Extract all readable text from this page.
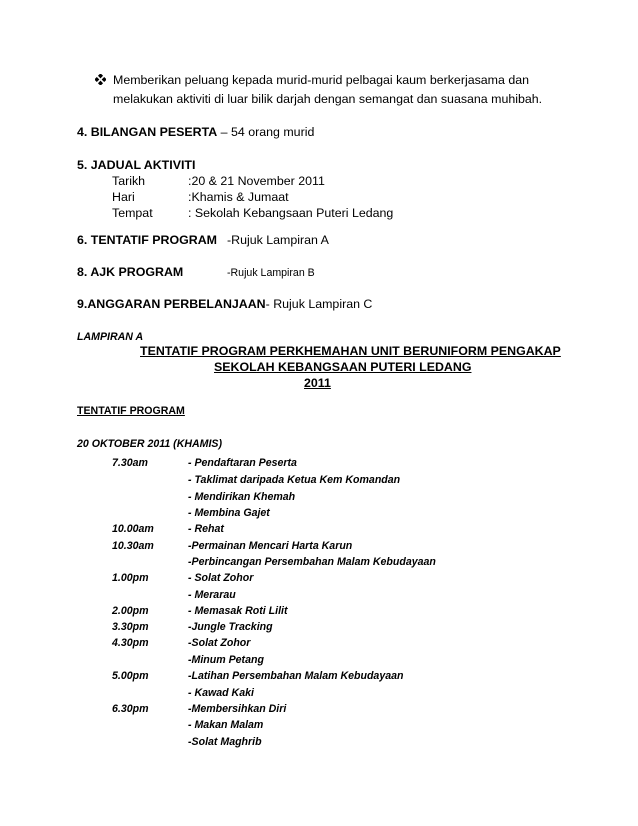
Memberikan peluang kepada murid-murid pelbagai kaum berkerjasama dan
melakukan aktiviti di luar bilik darjah dengan semangat dan suasana muhibah.
4. BILANGAN PESERTA – 54 orang murid
5. JADUAL AKTIVITI
Tarikh	:20 & 21 November 2011
Hari	:Khamis & Jumaat
Tempat	: Sekolah Kebangsaan Puteri Ledang
6. TENTATIF PROGRAM -Rujuk Lampiran A
8. AJK PROGRAM	-Rujuk Lampiran B
9.ANGGARAN PERBELANJAAN- Rujuk Lampiran C
LAMPIRAN A
TENTATIF PROGRAM PERKHEMAHAN UNIT BERUNIFORM PENGAKAP
SEKOLAH KEBANGSAAN PUTERI LEDANG
2011
TENTATIF PROGRAM
20 OKTOBER 2011 (KHAMIS)
7.30am	- Pendaftaran Peserta
- Taklimat daripada Ketua Kem Komandan
- Mendirikan Khemah
- Membina Gajet
10.00am	- Rehat
10.30am	-Permainan Mencari Harta Karun
-Perbincangan Persembahan Malam Kebudayaan
1.00pm	- Solat Zohor
- Merarau
2.00pm	- Memasak Roti Lilit
3.30pm	-Jungle Tracking
4.30pm	-Solat Zohor
-Minum Petang
5.00pm	-Latihan Persembahan Malam Kebudayaan
- Kawad Kaki
6.30pm	-Membersihkan Diri
- Makan Malam
-Solat Maghrib
